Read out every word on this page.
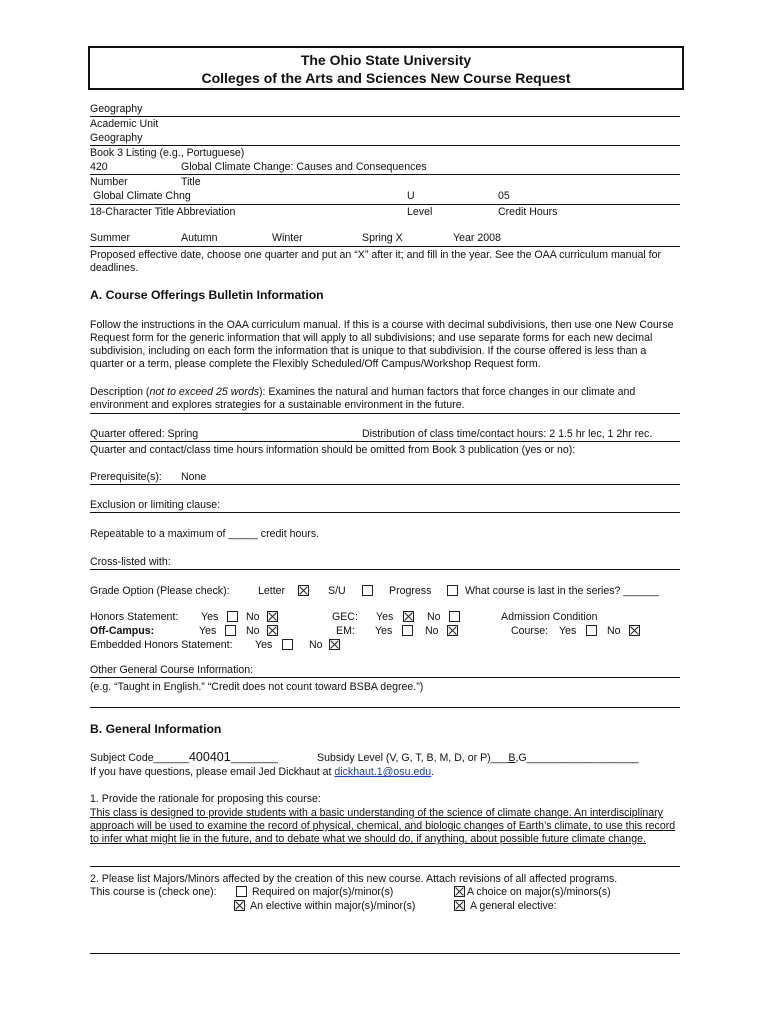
The Ohio State University
Colleges of the Arts and Sciences New Course Request
Geography
Academic Unit
Geography
Book 3 Listing (e.g., Portuguese)
420	Global Climate Change: Causes and Consequences
Number	Title
Global Climate Chng	U	05
18-Character Title Abbreviation	Level	Credit Hours
Summer	Autumn	Winter	Spring X	Year 2008
Proposed effective date, choose one quarter and put an “X” after it; and fill in the year. See the OAA curriculum manual for deadlines.
A. Course Offerings Bulletin Information
Follow the instructions in the OAA curriculum manual. If this is a course with decimal subdivisions, then use one New Course Request form for the generic information that will apply to all subdivisions; and use separate forms for each new decimal subdivision, including on each form the information that is unique to that subdivision. If the course offered is less than a quarter or a term, please complete the Flexibly Scheduled/Off Campus/Workshop Request form.
Description (not to exceed 25 words): Examines the natural and human factors that force changes in our climate and environment and explores strategies for a sustainable environment in the future.
Quarter offered: Spring	Distribution of class time/contact hours: 2 1.5 hr lec, 1 2hr rec.
Quarter and contact/class time hours information should be omitted from Book 3 publication (yes or no):
Prerequisite(s): None
Exclusion or limiting clause:
Repeatable to a maximum of _____ credit hours.
Cross-listed with:
Grade Option (Please check):	Letter	S/U	Progress	What course is last in the series? ______
Honors Statement: Yes	No
Off-Campus:	Yes	No
Embedded Honors Statement: Yes	No
GEC: Yes	No
EM: Yes	No
Admission Condition
Course: Yes	No
Other General Course Information:
(e.g. “Taught in English.” “Credit does not count toward BSBA degree.”)
B. General Information
Subject Code______400401________	Subsidy Level (V, G, T, B, M, D, or P)___B,G___________________
If you have questions, please email Jed Dickhaut at dickhaut.1@osu.edu.
1. Provide the rationale for proposing this course:
This class is designed to provide students with a basic understanding of the science of climate change. An interdisciplinary approach will be used to examine the record of physical, chemical, and biologic changes of Earth’s climate, to use this record to infer what might lie in the future, and to debate what we should do, if anything, about possible future climate change.
2. Please list Majors/Minors affected by the creation of this new course. Attach revisions of all affected programs.
This course is (check one):	Required on major(s)/minor(s)	A choice on major(s)/minors(s)
An elective within major(s)/minor(s)	A general elective:
